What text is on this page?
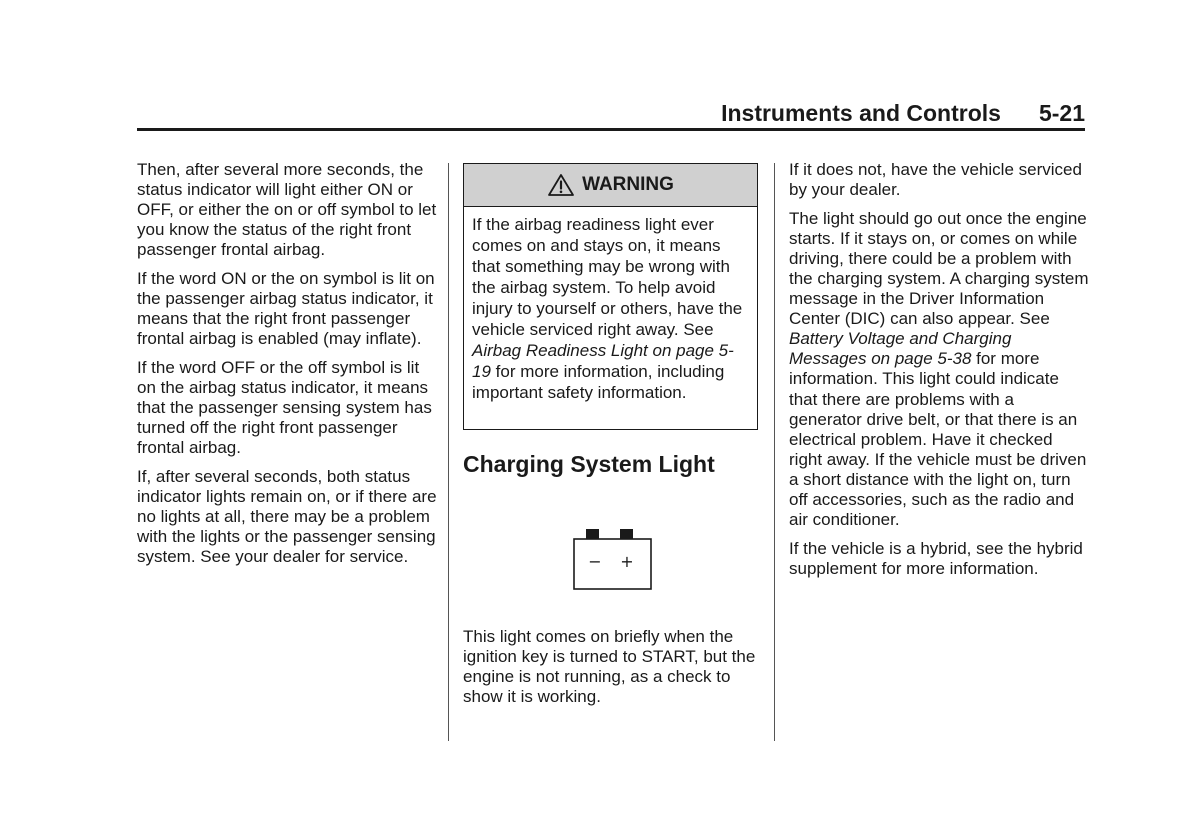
Instruments and Controls 5-21

Then, after several more seconds, the status indicator will light either ON or OFF, or either the on or off symbol to let you know the status of the right front passenger frontal airbag.

If the word ON or the on symbol is lit on the passenger airbag status indicator, it means that the right front passenger frontal airbag is enabled (may inflate).

If the word OFF or the off symbol is lit on the airbag status indicator, it means that the passenger sensing system has turned off the right front passenger frontal airbag.

If, after several seconds, both status indicator lights remain on, or if there are no lights at all, there may be a problem with the lights or the passenger sensing system. See your dealer for service.

WARNING
If the airbag readiness light ever comes on and stays on, it means that something may be wrong with the airbag system. To help avoid injury to yourself or others, have the vehicle serviced right away. See Airbag Readiness Light on page 5-19 for more information, including important safety information.
Charging System Light
− +

This light comes on briefly when the ignition key is turned to START, but the engine is not running, as a check to show it is working.

If it does not, have the vehicle serviced by your dealer.

The light should go out once the engine starts. If it stays on, or comes on while driving, there could be a problem with the charging system. A charging system message in the Driver Information Center (DIC) can also appear. See Battery Voltage and Charging Messages on page 5-38 for more information. This light could indicate that there are problems with a generator drive belt, or that there is an electrical problem. Have it checked right away. If the vehicle must be driven a short distance with the light on, turn off accessories, such as the radio and air conditioner.

If the vehicle is a hybrid, see the hybrid supplement for more information.
